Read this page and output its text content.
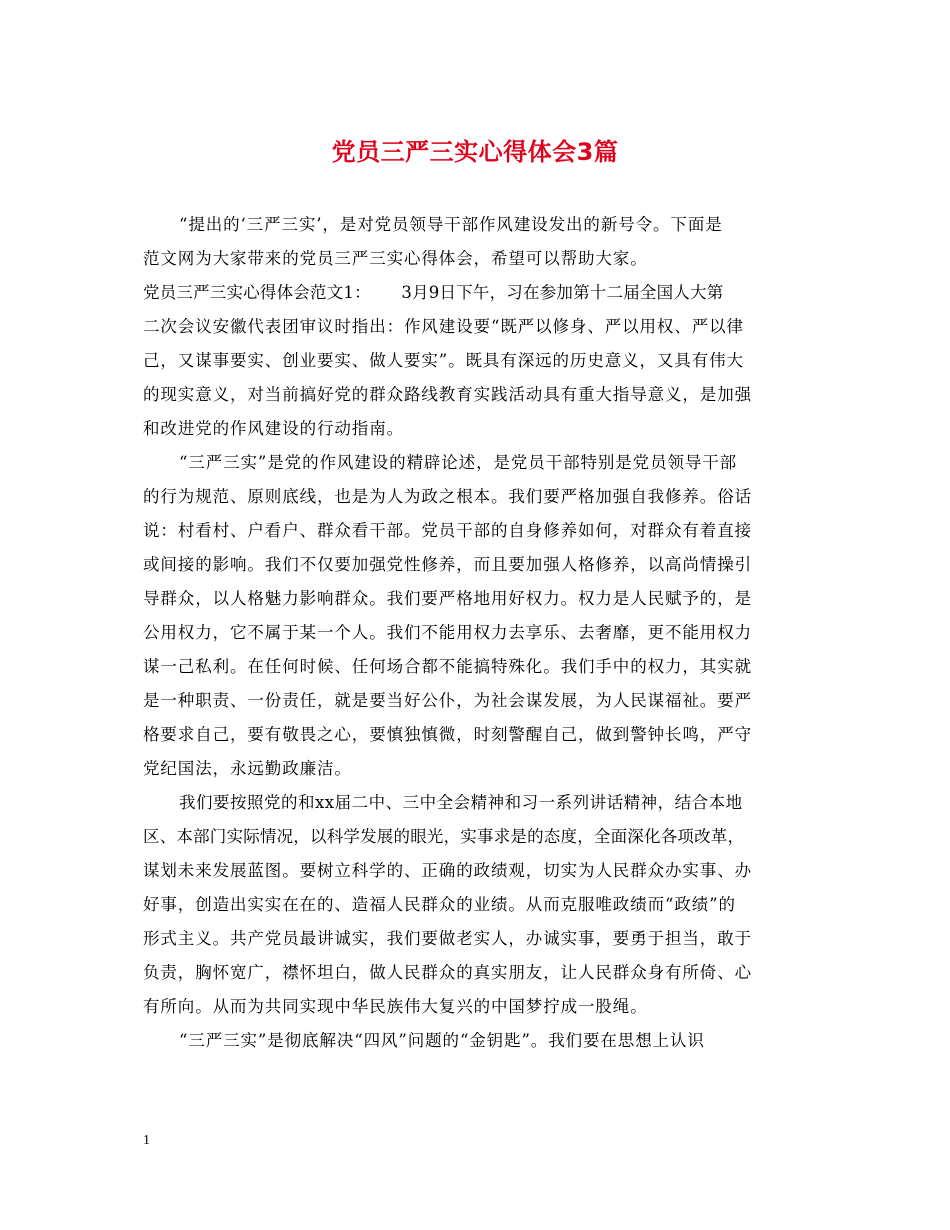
党员三严三实心得体会3篇
“提出的‘三严三实’，是对党员领导干部作风建设发出的新号令。下面是
范文网为大家带来的党员三严三实心得体会，希望可以帮助大家。
党员三严三实心得体会范文1：　　 3月9日下午，习在参加第十二届全国人大第
二次会议安徽代表团审议时指出：作风建设要“既严以修身、严以用权、严以律
己，又谋事要实、创业要实、做人要实”。既具有深远的历史意义，又具有伟大
的现实意义，对当前搞好党的群众路线教育实践活动具有重大指导意义，是加强
和改进党的作风建设的行动指南。
“三严三实”是党的作风建设的精辟论述，是党员干部特别是党员领导干部
的行为规范、原则底线，也是为人为政之根本。我们要严格加强自我修养。俗话
说：村看村、户看户、群众看干部。党员干部的自身修养如何，对群众有着直接
或间接的影响。我们不仅要加强党性修养，而且要加强人格修养，以高尚情操引
导群众，以人格魅力影响群众。我们要严格地用好权力。权力是人民赋予的，是
公用权力，它不属于某一个人。我们不能用权力去享乐、去奢靡，更不能用权力
谋一己私利。在任何时候、任何场合都不能搞特殊化。我们手中的权力，其实就
是一种职责、一份责任，就是要当好公仆，为社会谋发展，为人民谋福祉。要严
格要求自己，要有敬畏之心，要慎独慎微，时刻警醒自己，做到警钟长鸣，严守
党纪国法，永远勤政廉洁。
我们要按照党的和xx届二中、三中全会精神和习一系列讲话精神，结合本地
区、本部门实际情况，以科学发展的眼光，实事求是的态度，全面深化各项改革，
谋划未来发展蓝图。要树立科学的、正确的政绩观，切实为人民群众办实事、办
好事，创造出实实在在的、造福人民群众的业绩。从而克服唯政绩而“政绩”的
形式主义。共产党员最讲诚实，我们要做老实人，办诚实事，要勇于担当，敢于
负责，胸怀宽广，襟怀坦白，做人民群众的真实朋友，让人民群众身有所倚、心
有所向。从而为共同实现中华民族伟大复兴的中国梦拧成一股绳。
“三严三实”是彻底解决“四风”问题的“金钥匙”。我们要在思想上认识
1
